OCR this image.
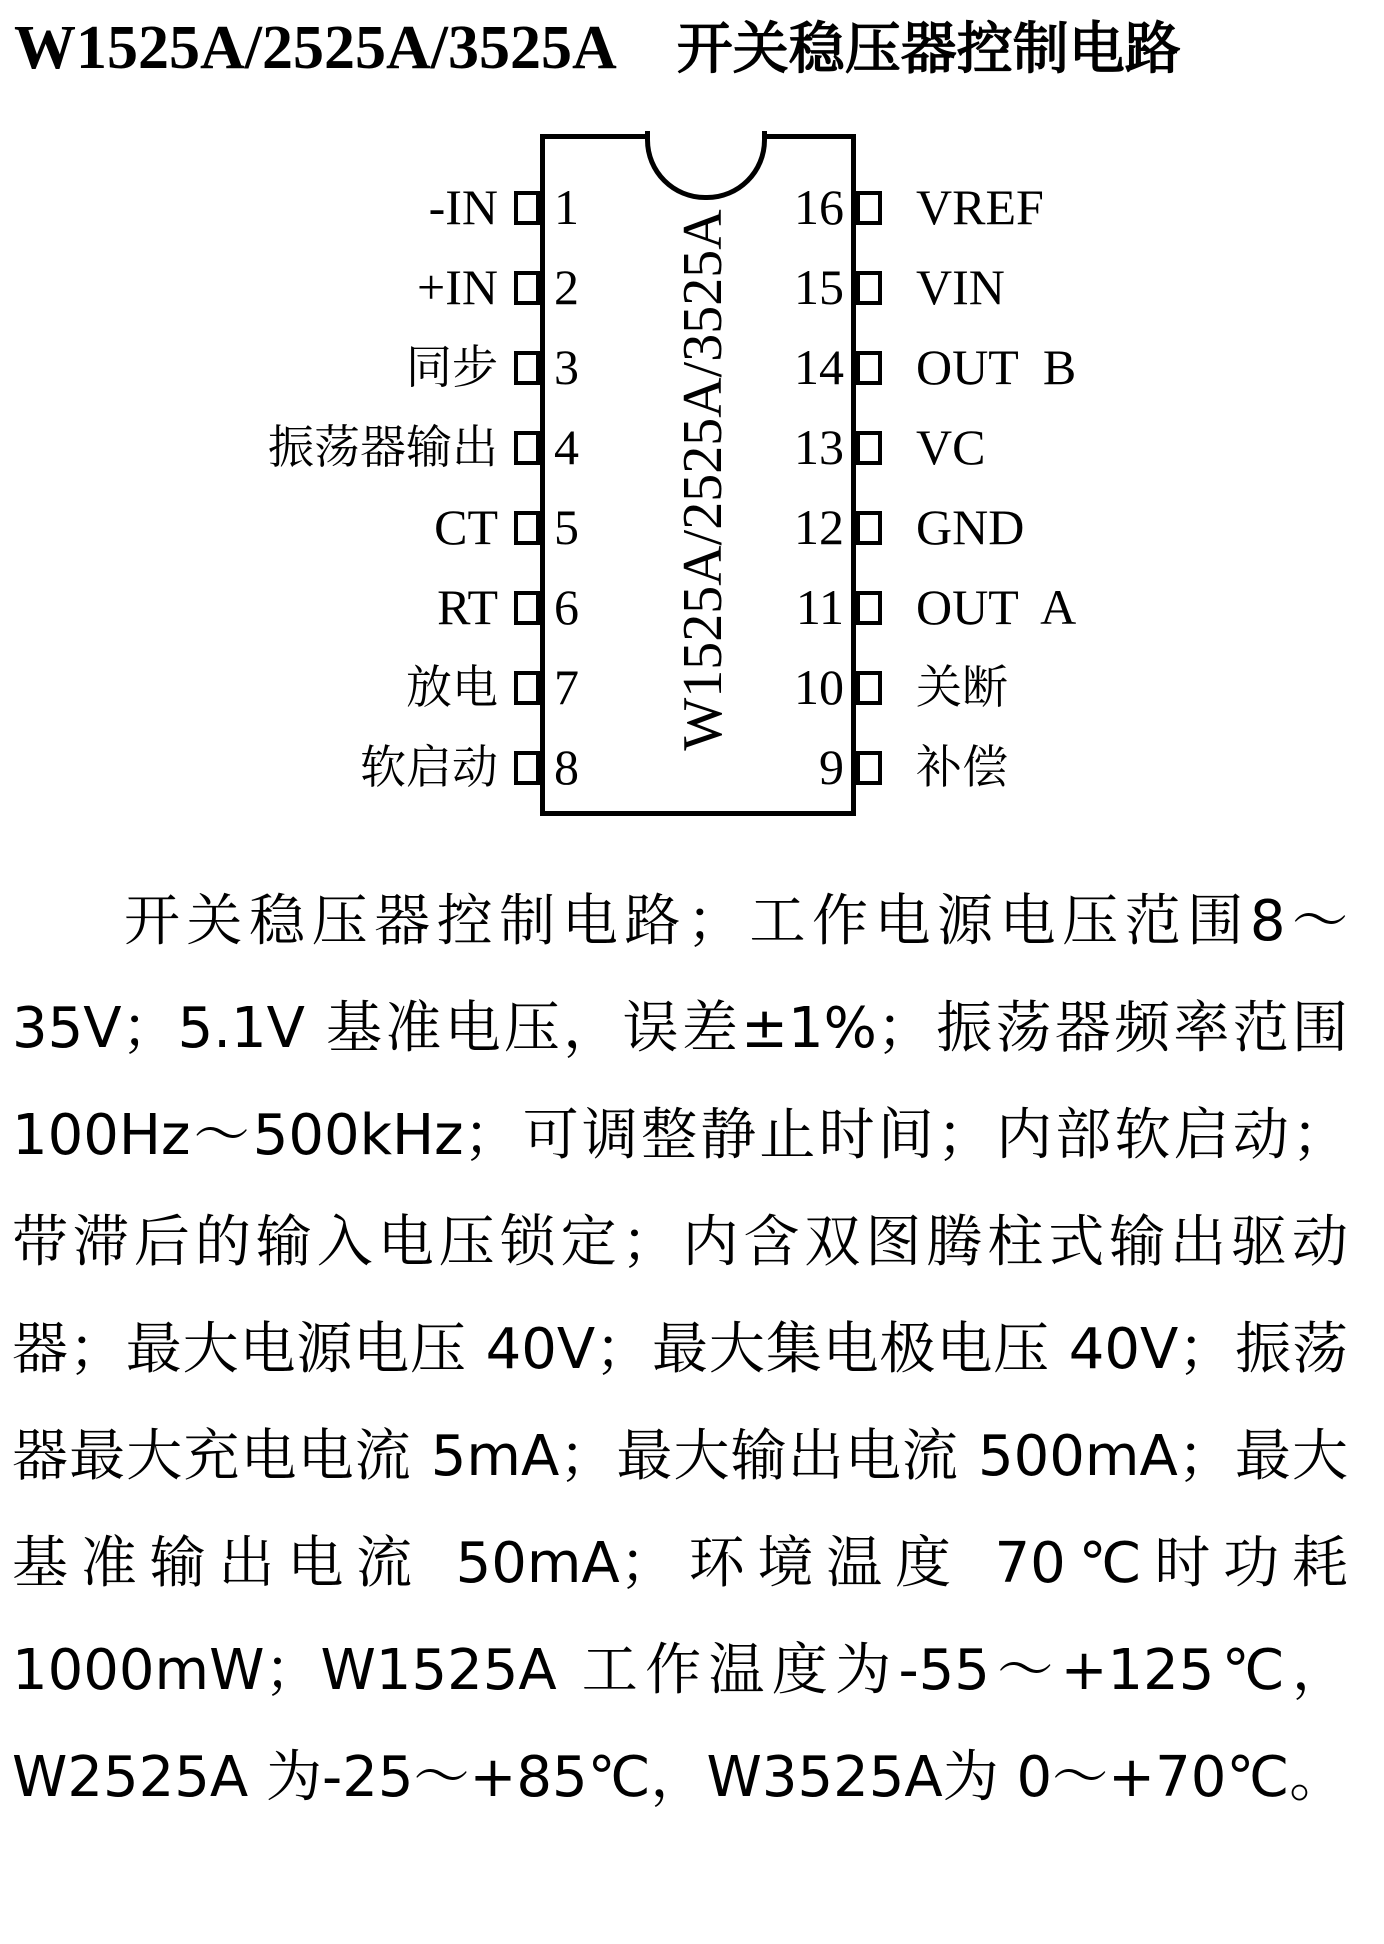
W1525A/2525A/3525A 开关稳压器控制电路
W1525A/2525A/3525A
-IN 1
+IN 2
同步 3
振荡器输出 4
CT 5
RT 6
放电 7
软启动 8
16 VREF
15 VIN
14 OUT  B
13 VC
12 GND
11 OUT  A
10 关断
9 补偿

开关稳压器控制电路；工作电源电压范围8～35V；5.1V 基准电压，误差±1%；振荡器频率范围 100Hz～500kHz；可调整静止时间；内部软启动；带滞后的输入电压锁定；内含双图腾柱式输出驱动器；最大电源电压 40V；最大集电极电压 40V；振荡器最大充电电流 5mA；最大输出电流 500mA；最大基准输出电流 50mA；环境温度 70℃时功耗 1000mW；W1525A 工作温度为-55～+125℃，W2525A 为-25～+85℃，W3525A为 0～+70℃。
